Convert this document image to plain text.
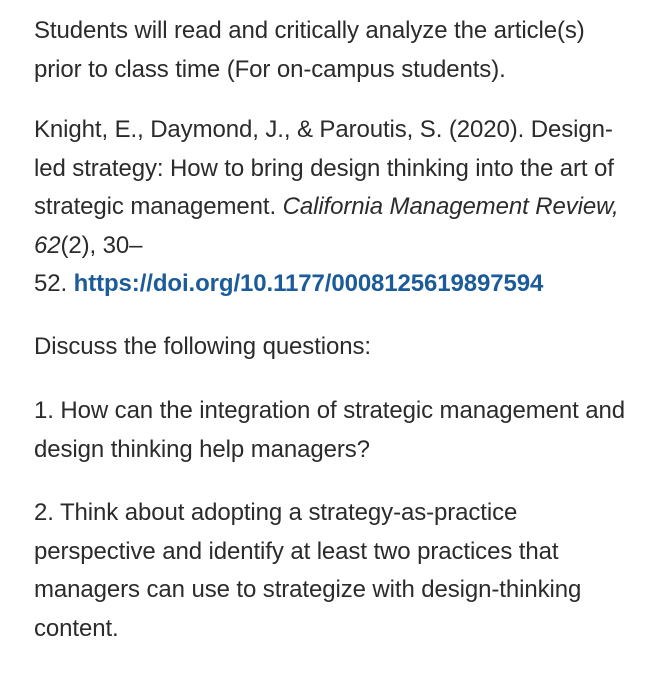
Students will read and critically analyze the article(s) prior to class time (For on-campus students).

Knight, E., Daymond, J., & Paroutis, S. (2020). Design-led strategy: How to bring design thinking into the art of strategic management. California Management Review, 62(2), 30–
52. https://doi.org/10.1177/0008125619897594

Discuss the following questions:

1. How can the integration of strategic management and design thinking help managers?

2. Think about adopting a strategy-as-practice perspective and identify at least two practices that managers can use to strategize with design-thinking content.
